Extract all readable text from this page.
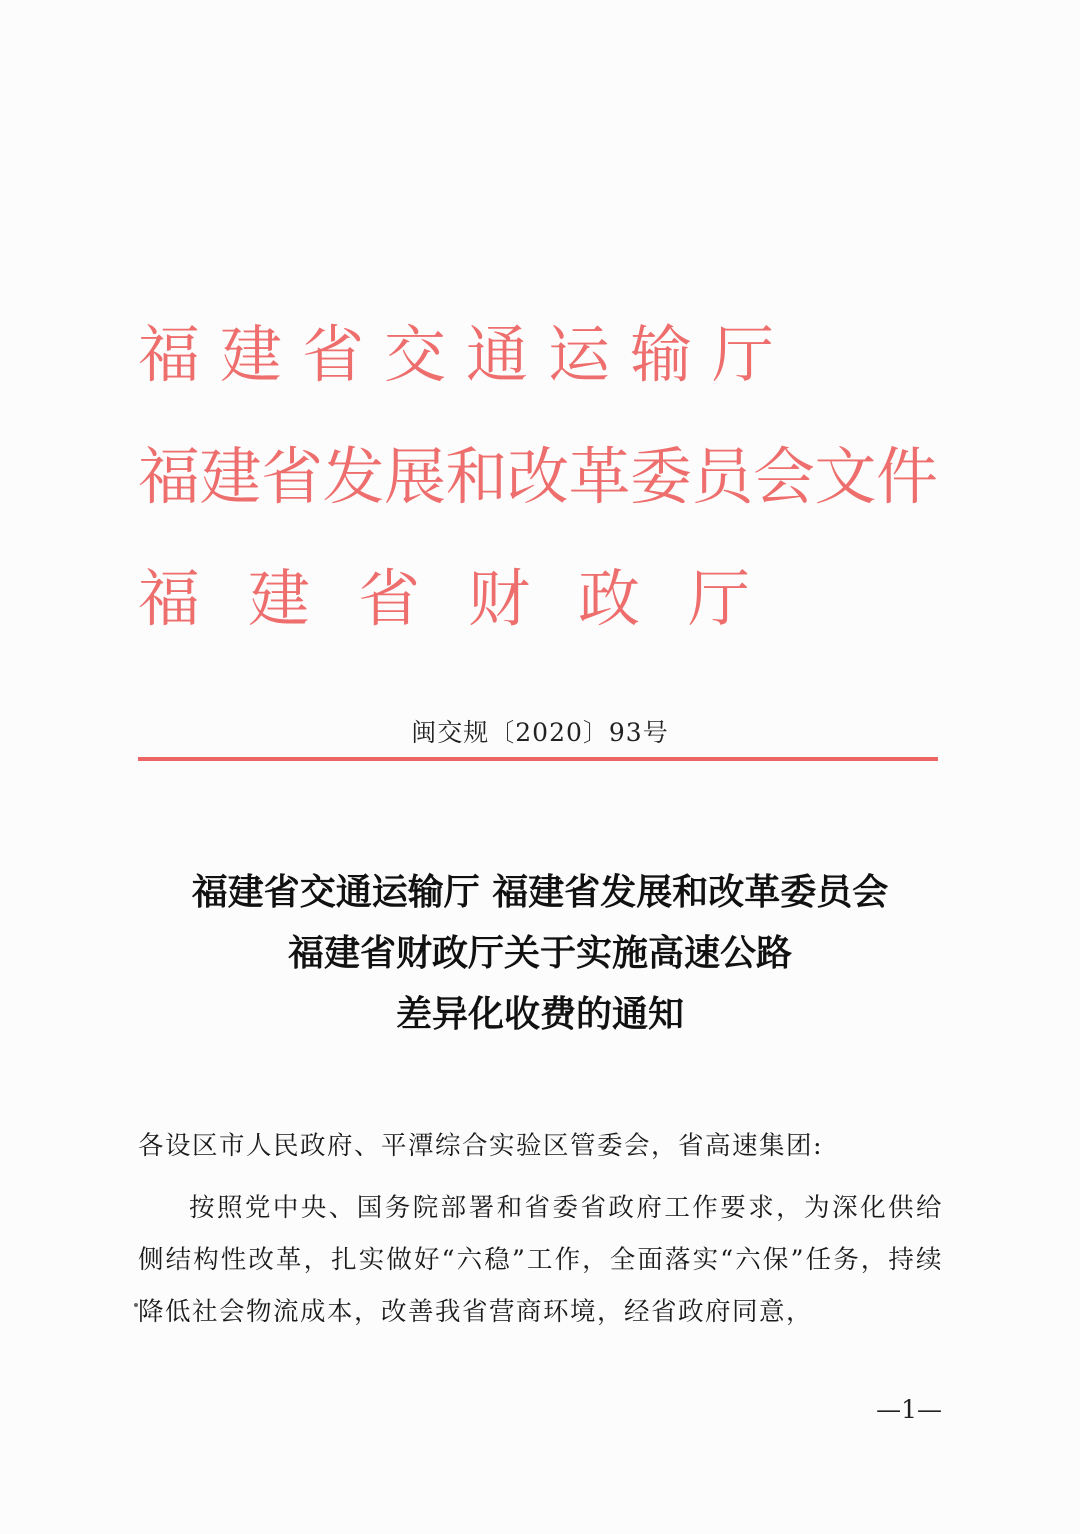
福建省交通运输厅
福建省发展和改革委员会文件
福建省财政厅
闽交规〔2020〕93号
福建省交通运输厅 福建省发展和改革委员会
福建省财政厅关于实施高速公路
差异化收费的通知
各设区市人民政府、平潭综合实验区管委会，省高速集团:
按照党中央、国务院部署和省委省政府工作要求，为深化供给侧结构性改革，扎实做好“六稳”工作，全面落实“六保”任务，持续降低社会物流成本，改善我省营商环境，经省政府同意，
—1—
